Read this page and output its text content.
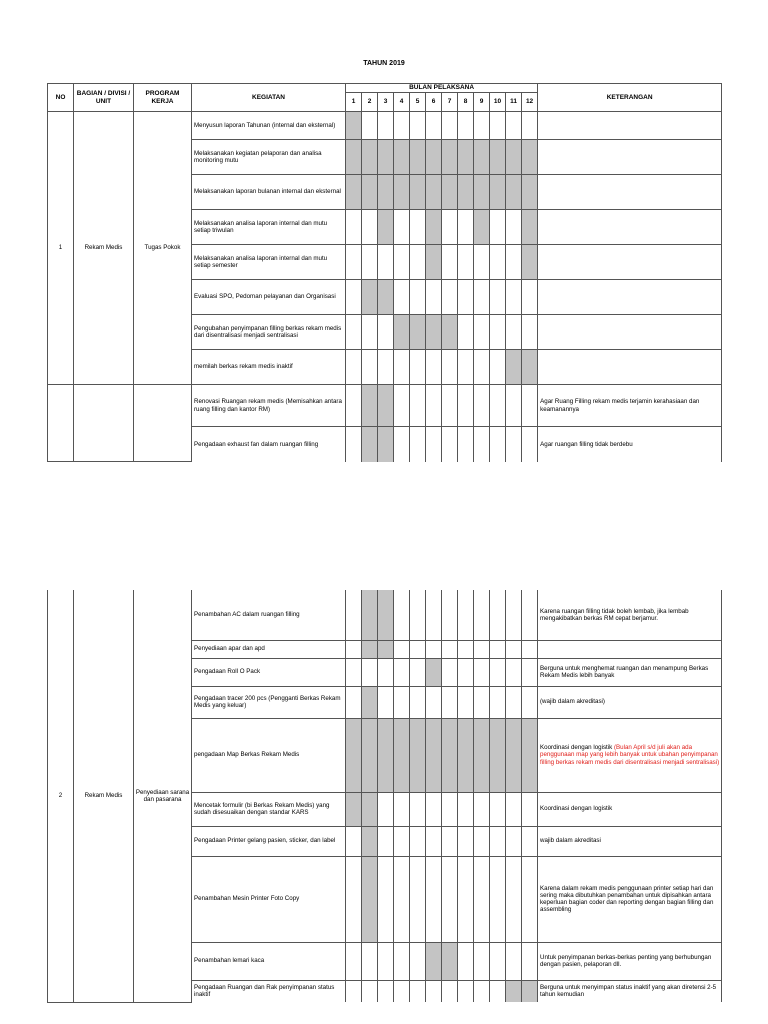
TAHUN 2019
NO	BAGIAN / DIVISI / UNIT	PROGRAM KERJA	KEGIATAN	BULAN PELAKSANA												KETERANGAN
				1	2	3	4	5	6	7	8	9	10	11	12	
1	Rekam Medis	Tugas Pokok	Menyusun laporan Tahunan (internal dan eksternal)													
			Melaksanakan kegiatan pelaporan dan analisa monitoring mutu													
			Melaksanakan laporan bulanan internal dan eksternal													
			Melaksanakan analisa laporan internal dan mutu setiap triwulan													
			Melaksanakan analisa laporan internal dan mutu setiap semester													
			Evaluasi SPO, Pedoman pelayanan dan Organisasi													
			Pengubahan penyimpanan filling berkas rekam medis dari disentralisasi menjadi sentralisasi													
			memilah berkas rekam medis inaktif													
			Renovasi Ruangan rekam medis (Memisahkan antara ruang filling dan kantor RM)													Agar Ruang Filling rekam medis terjamin kerahasiaan dan keamanannya
			Pengadaan exhaust fan dalam ruangan filling													Agar ruangan filling tidak berdebu
2	Rekam Medis	Penyediaan sarana dan pasarana	Penambahan AC dalam ruangan filling													Karena ruangan filling tidak boleh lembab, jika lembab mengakibatkan berkas RM cepat berjamur.
			Penyediaan apar dan apd													
			Pengadaan Roll O Pack													Berguna untuk menghemat ruangan dan menampung Berkas Rekam Medis lebih banyak
			Pengadaan tracer 200 pcs (Pengganti Berkas Rekam Medis yang keluar)													(wajib dalam akreditasi)
			pengadaan Map Berkas Rekam Medis													Koordinasi dengan logistik (Bulan April s/d juli akan ada penggunaan map yang lebih banyak untuk ubahan penyimpanan filling berkas rekam medis dari disentralisasi menjadi sentralisasi)
			Mencetak formulir (bi Berkas Rekam Medis) yang sudah disesuaikan dengan standar KARS													Koordinasi dengan logistik
			Pengadaan Printer gelang pasien, sticker, dan label													wajib dalam akreditasi
			Penambahan Mesin Printer Foto Copy													Karena dalam rekam medis penggunaan printer setiap hari dan sering maka dibutuhkan penambahan untuk dipisahkan antara keperluan bagian coder dan reporting dengan bagian filling dan assembling
			Penambahan lemari kaca													Untuk penyimpanan berkas-berkas penting yang berhubungan dengan pasien, pelaporan dll.
			Pengadaan Ruangan dan Rak penyimpanan status inaktif													Berguna untuk menyimpan status inaktif yang akan diretensi 2-5 tahun kemudian
